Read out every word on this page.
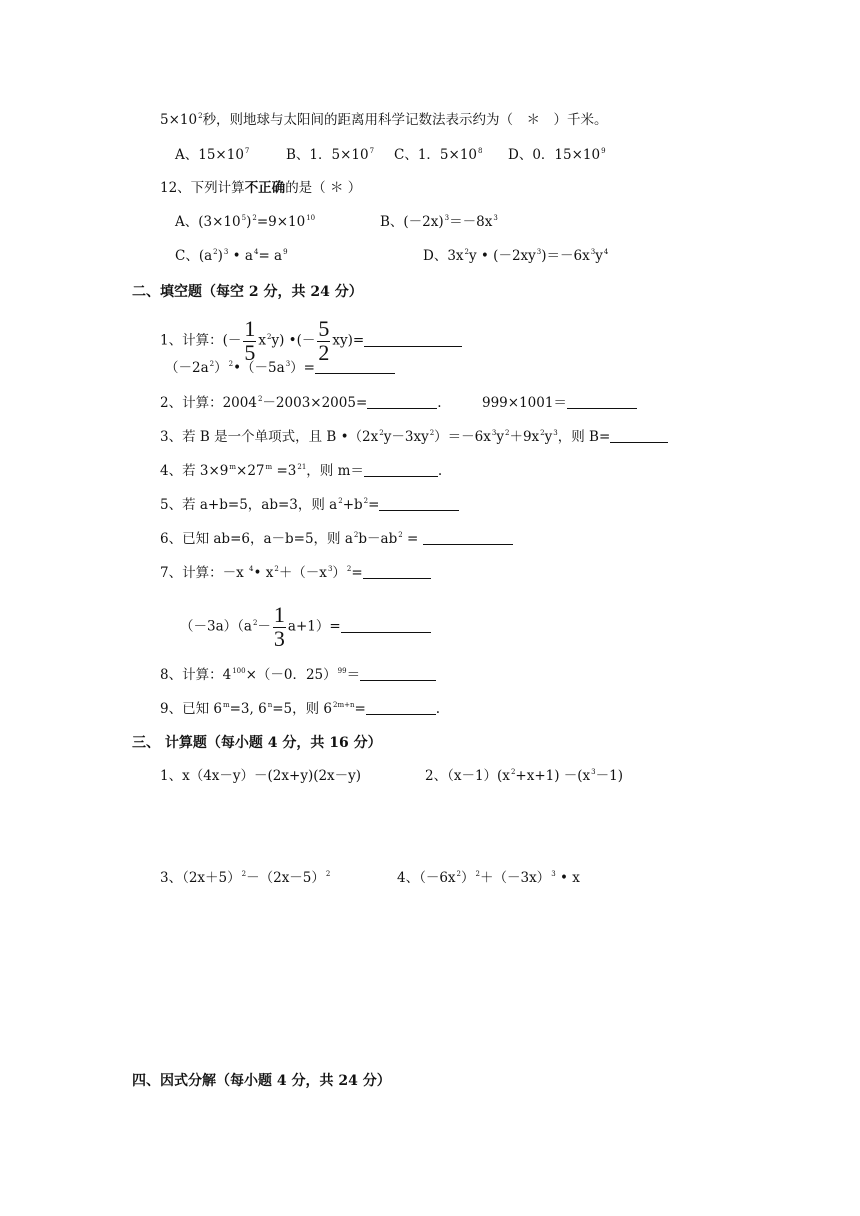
$5\times 10^2$秒，则地球与太阳间的距离用科学记数法表示约为（　＊　）千米。
A、$15\times 10^7$	B、1．$5\times 10^7$ C、1．$5\times 10^8$ D、0．$15\times 10^9$
12、下列计算不正确的是（ ＊ ）
A、$(3\times 10^5)^2=9\times 10^{10}$	B、$(-2x)^3=-8x^3$
C、$(a^2)^3$ • $a^4= a^9$	D、$3x^2y$ • $(-2xy^3)=-6x^3y^4$
二、填空题（每空 2 分，共 24 分）
1、计算：(－ $\frac{1}{5} x^2y$) •(－ $\frac{5}{2} xy)=$
$(-2a^2)^2•(-5a^3)=$
2、计算：$2004^2-2003\times 2005=$	.	999×1001＝
3、若 B 是一个单项式，且 B $•(2x^2y-3xy^2)=-6x^3y^2+9x^2y^3$，则 B=
4、若 $3\times 9^m\times 27^m =3^{21}$，则 m＝	.
5、若 a+b=5，ab=3，则 $a^2+b^2=$
6、已知 ab=6，a－b=5，则 $a^2b-ab^2$ =
7、计算：－x $^4$• $x^2+(-x^3)^2=$
$(-3a)(a^2- \frac{1}{3} a+1)=$
8、计算：$4^{100}\times(-0$．25）$^{99}$＝
9、已知 $6^m=3$, $6^n=5$，则 $6^{2m+n}=$	.
三、 计算题（每小题 4 分，共 16 分）
1、x（4x－y）－(2x+y)(2x－y)	2、$(x-1)(x^2+x+1) -(x^3-1)$
3、$(2x+5)^2-(2x-5)^2$	4、$(-6x^2)^2+(-3x)^3$ • x
四、因式分解（每小题 4 分，共 24 分）
